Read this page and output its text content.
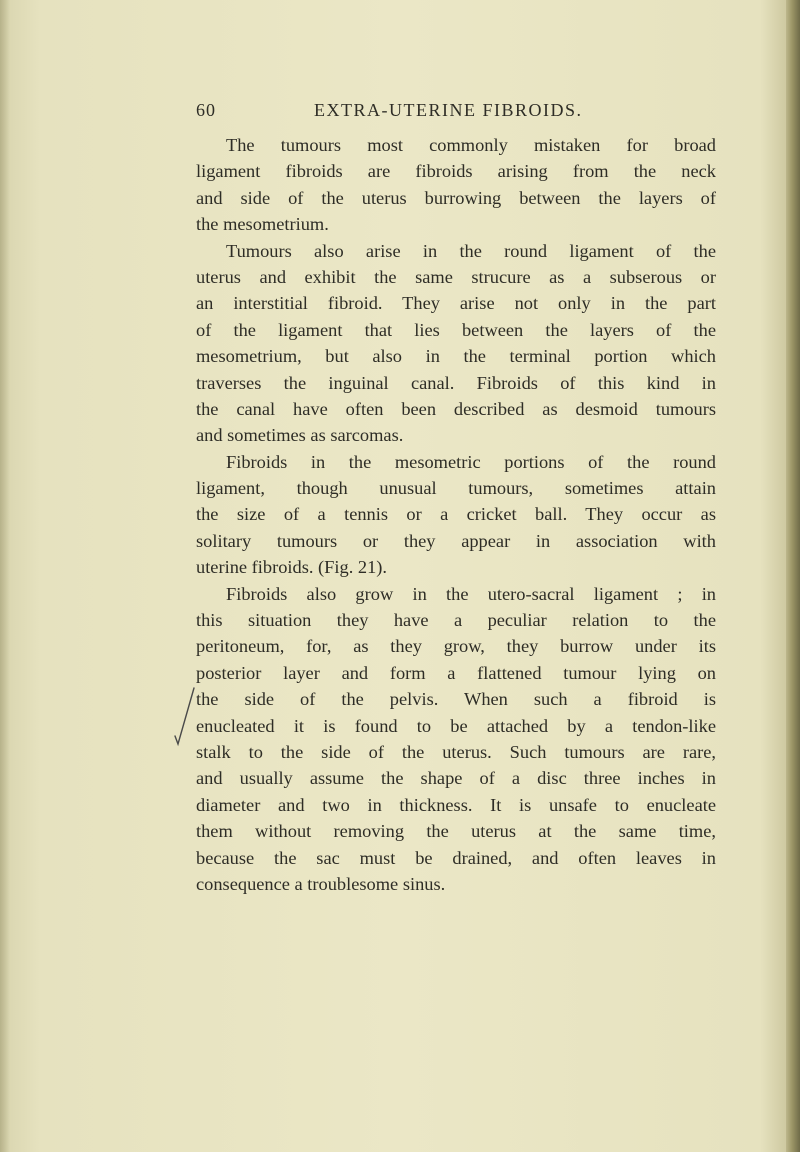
60	EXTRA-UTERINE FIBROIDS.
The tumours most commonly mistaken for broad
ligament fibroids are fibroids arising from the neck
and side of the uterus burrowing between the layers of
the mesometrium.
Tumours also arise in the round ligament of the
uterus and exhibit the same strucure as a subserous or
an interstitial fibroid. They arise not only in the part
of the ligament that lies between the layers of the
mesometrium, but also in the terminal portion which
traverses the inguinal canal. Fibroids of this kind in
the canal have often been described as desmoid tumours
and sometimes as sarcomas.
Fibroids in the mesometric portions of the round
ligament, though unusual tumours, sometimes attain
the size of a tennis or a cricket ball. They occur as
solitary tumours or they appear in association with
uterine fibroids. (Fig. 21).
Fibroids also grow in the utero-sacral ligament ; in
this situation they have a peculiar relation to the
peritoneum, for, as they grow, they burrow under its
posterior layer and form a flattened tumour lying on
the side of the pelvis. When such a fibroid is
enucleated it is found to be attached by a tendon-like
stalk to the side of the uterus. Such tumours are rare,
and usually assume the shape of a disc three inches in
diameter and two in thickness. It is unsafe to enucleate
them without removing the uterus at the same time,
because the sac must be drained, and often leaves in
consequence a troublesome sinus.
